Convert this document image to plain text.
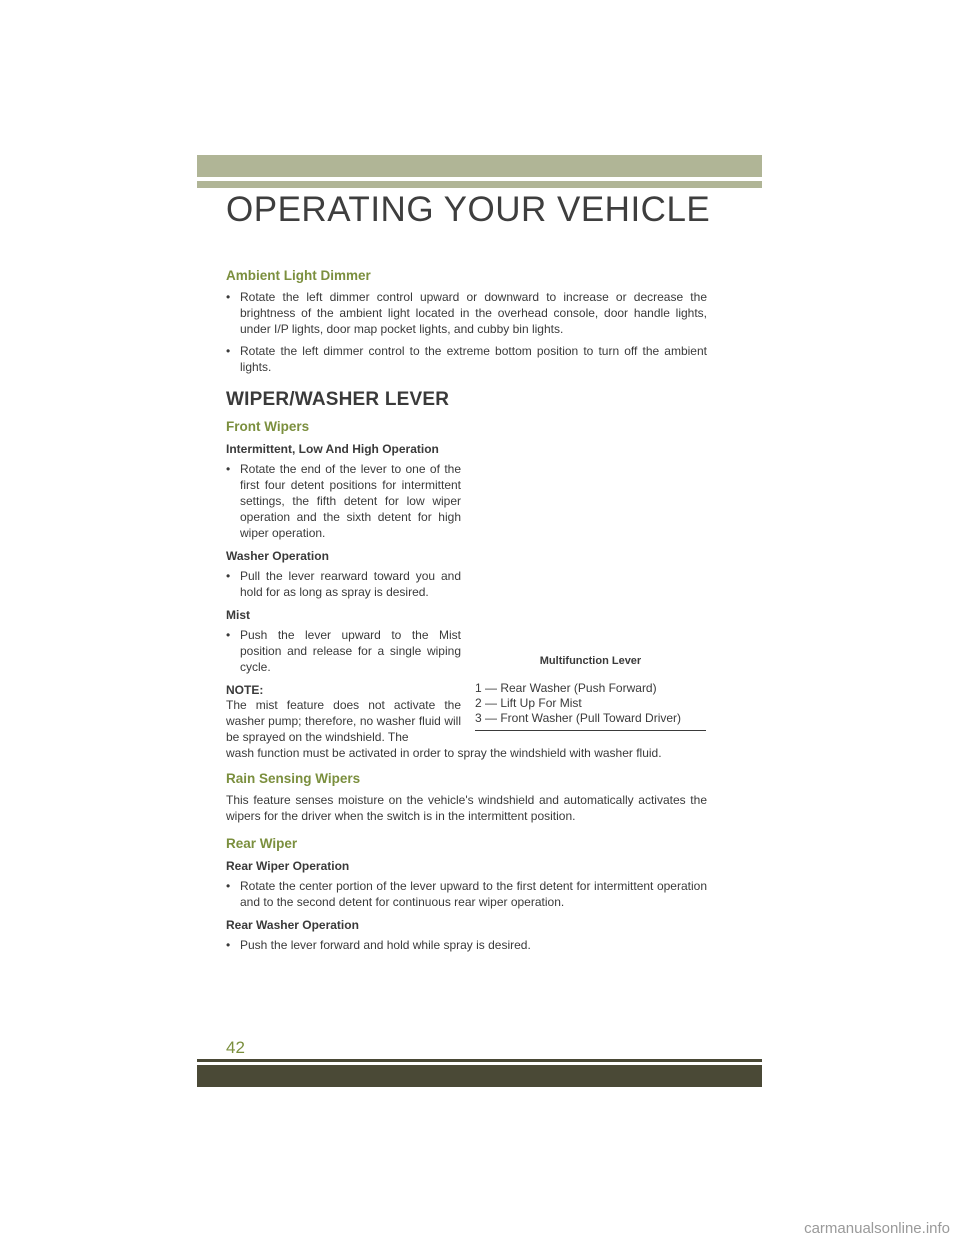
OPERATING YOUR VEHICLE
Ambient Light Dimmer
• Rotate the left dimmer control upward or downward to increase or decrease the brightness of the ambient light located in the overhead console, door handle lights, under I/P lights, door map pocket lights, and cubby bin lights.
• Rotate the left dimmer control to the extreme bottom position to turn off the ambient lights.
WIPER/WASHER LEVER
Front Wipers
Intermittent, Low And High Operation
• Rotate the end of the lever to one of the first four detent positions for intermittent settings, the fifth detent for low wiper operation and the sixth detent for high wiper operation.
Washer Operation
• Pull the lever rearward toward you and hold for as long as spray is desired.
Mist
• Push the lever upward to the Mist position and release for a single wiping cycle.
NOTE:

The mist feature does not activate the washer pump; therefore, no washer fluid will be sprayed on the windshield. The

wash function must be activated in order to spray the windshield with washer fluid.

Rain Sensing Wipers

This feature senses moisture on the vehicle's windshield and automatically activates the wipers for the driver when the switch is in the intermittent position.

Rear Wiper
Rear Wiper Operation
• Rotate the center portion of the lever upward to the first detent for intermittent operation and to the second detent for continuous rear wiper operation.
Rear Washer Operation
• Push the lever forward and hold while spray is desired.
Multifunction Lever

1 — Rear Washer (Push Forward)

2 — Lift Up For Mist

3 — Front Washer (Pull Toward Driver)

42
carmanualsonline.info
